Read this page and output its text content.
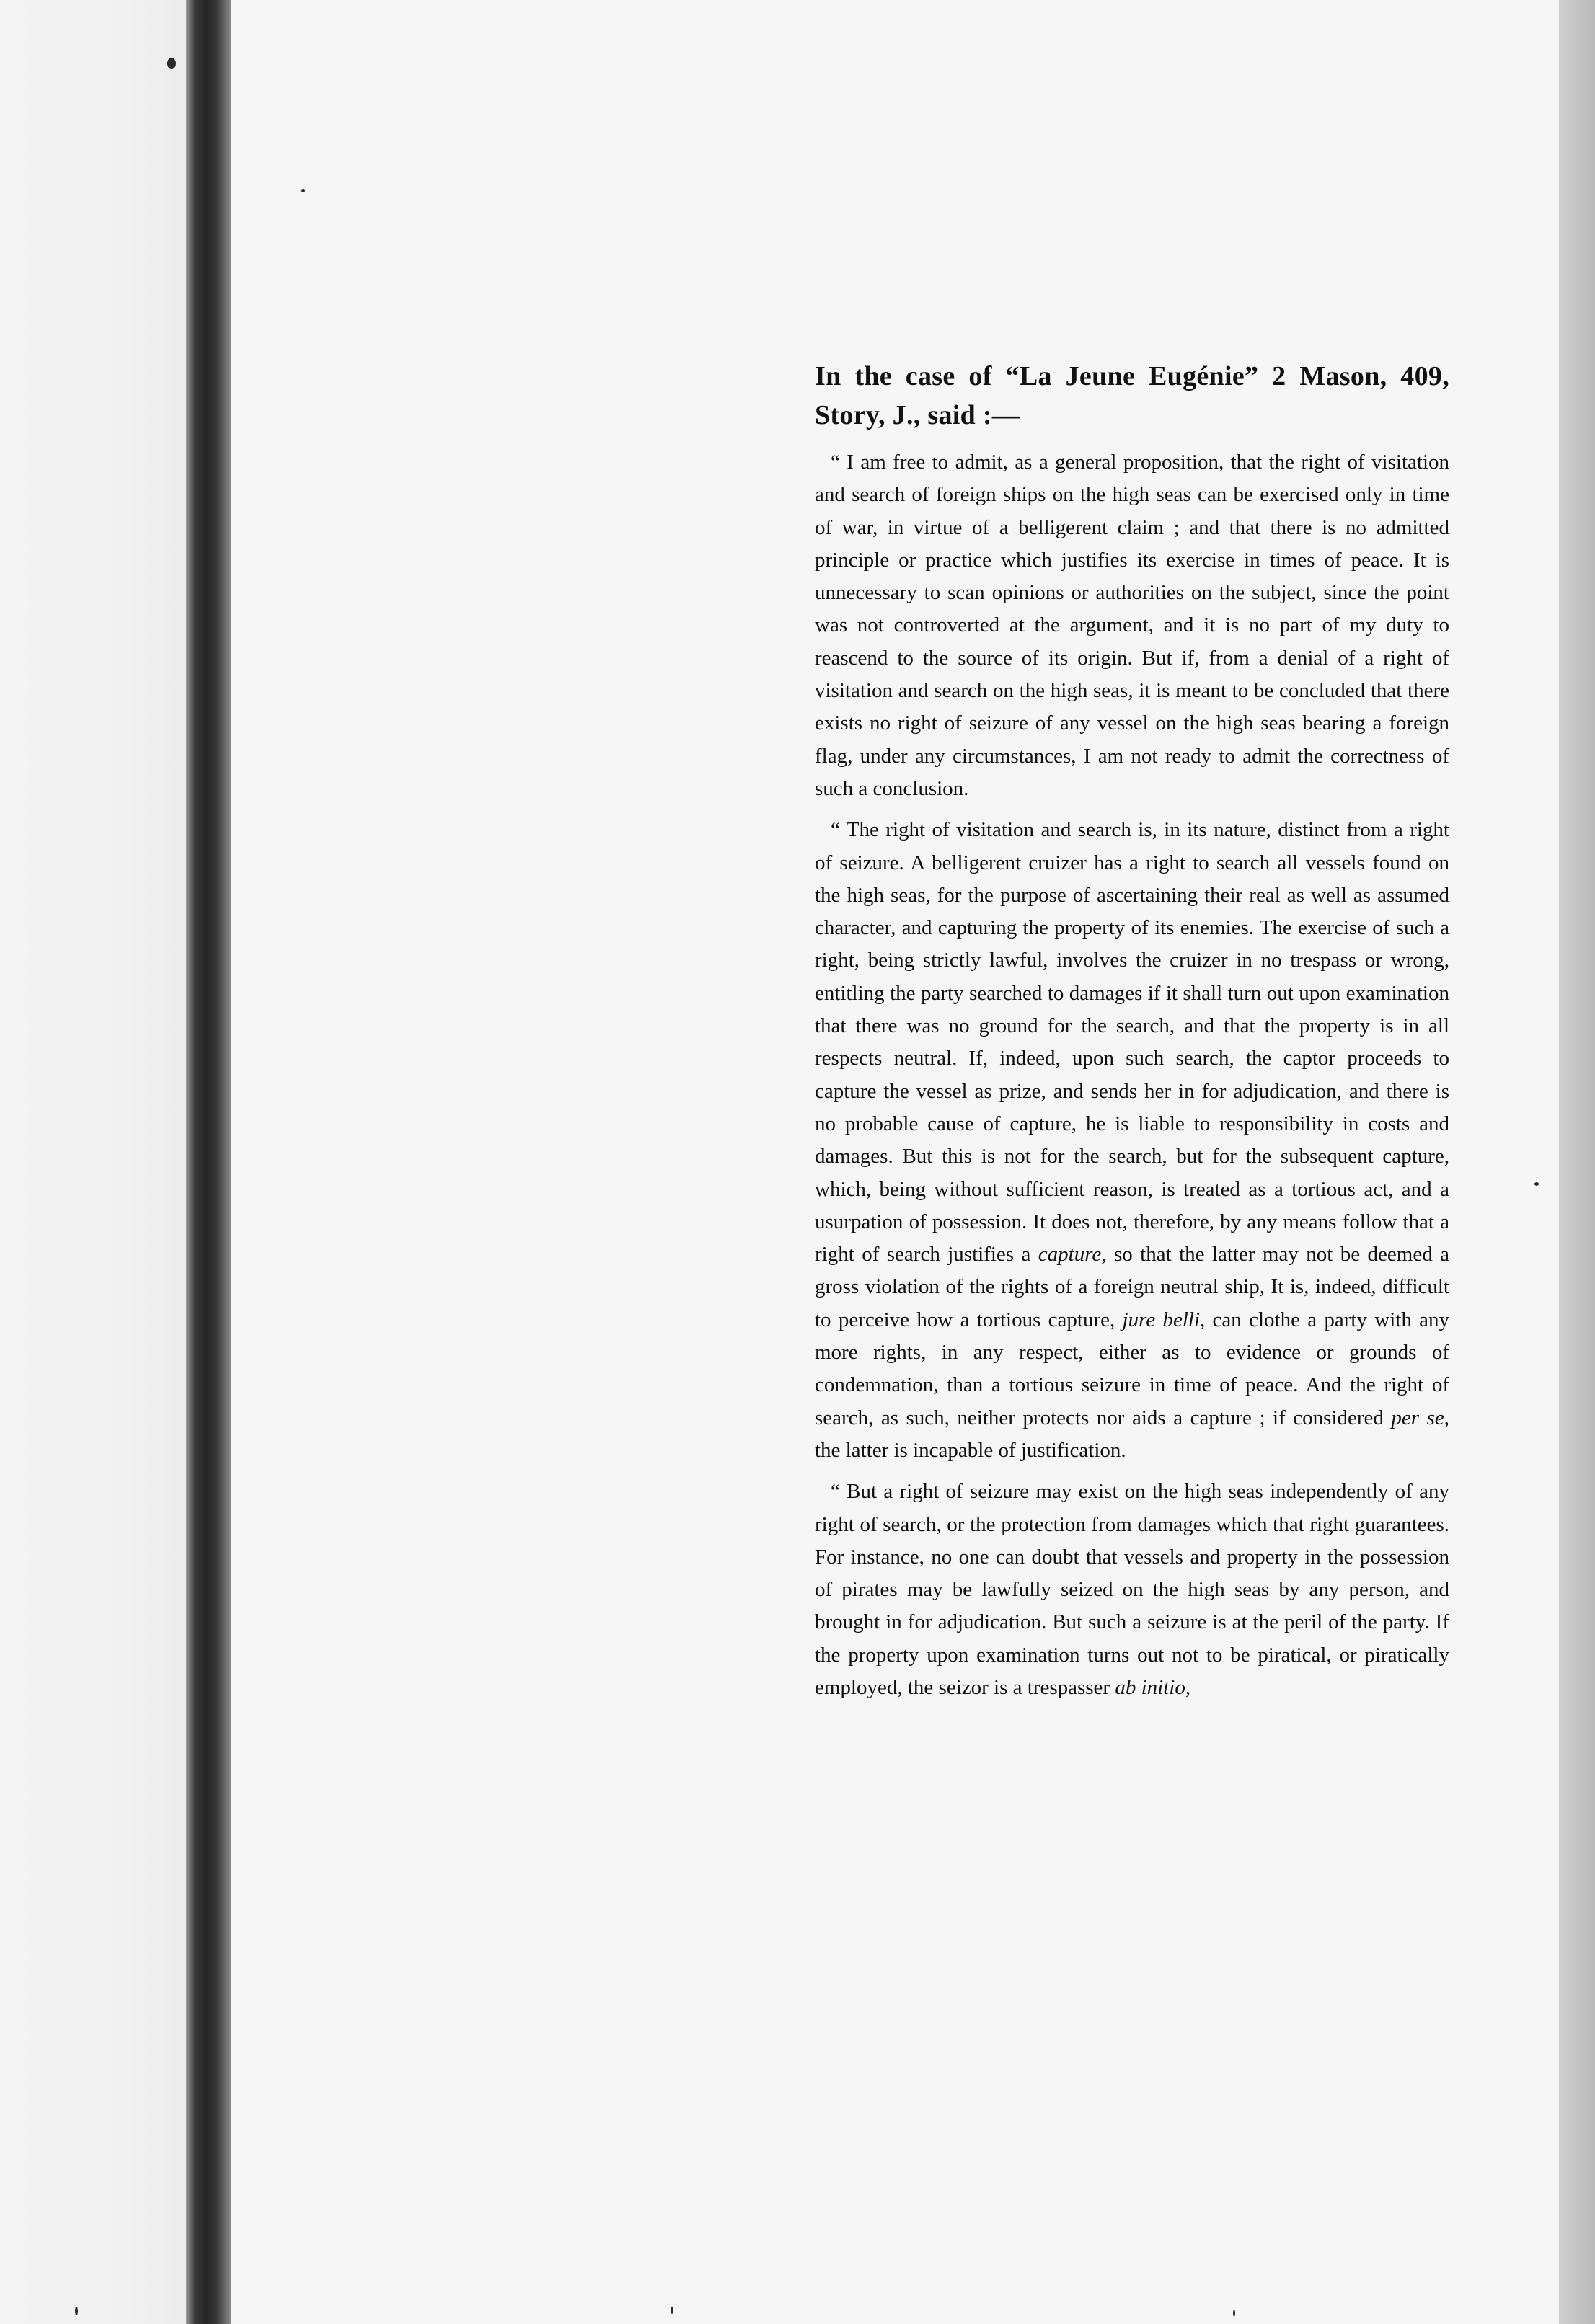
In the case of “La Jeune Eugénie” 2 Mason, 409, Story, J., said :—

“ I am free to admit, as a general proposition, that the right of visitation and search of foreign ships on the high seas can be exercised only in time of war, in virtue of a belligerent claim ; and that there is no admitted principle or practice which justifies its exercise in times of peace. It is unnecessary to scan opinions or authorities on the subject, since the point was not controverted at the argument, and it is no part of my duty to reascend to the source of its origin. But if, from a denial of a right of visitation and search on the high seas, it is meant to be concluded that there exists no right of seizure of any vessel on the high seas bearing a foreign flag, under any circumstances, I am not ready to admit the correctness of such a conclusion.

“ The right of visitation and search is, in its nature, distinct from a right of seizure. A belligerent cruizer has a right to search all vessels found on the high seas, for the purpose of ascertaining their real as well as assumed character, and capturing the property of its enemies. The exercise of such a right, being strictly lawful, involves the cruizer in no trespass or wrong, entitling the party searched to damages if it shall turn out upon examination that there was no ground for the search, and that the property is in all respects neutral. If, indeed, upon such search, the captor proceeds to capture the vessel as prize, and sends her in for adjudication, and there is no probable cause of capture, he is liable to responsibility in costs and damages. But this is not for the search, but for the subsequent capture, which, being without sufficient reason, is treated as a tortious act, and a usurpation of possession. It does not, therefore, by any means follow that a right of search justifies a capture, so that the latter may not be deemed a gross violation of the rights of a foreign neutral ship, It is, indeed, difficult to perceive how a tortious capture, jure belli, can clothe a party with any more rights, in any respect, either as to evidence or grounds of condemnation, than a tortious seizure in time of peace. And the right of search, as such, neither protects nor aids a capture ; if considered per se, the latter is incapable of justification.

“ But a right of seizure may exist on the high seas independently of any right of search, or the protection from damages which that right guarantees. For instance, no one can doubt that vessels and property in the possession of pirates may be lawfully seized on the high seas by any person, and brought in for adjudication. But such a seizure is at the peril of the party. If the property upon examination turns out not to be piratical, or piratically employed, the seizor is a trespasser ab initio,
